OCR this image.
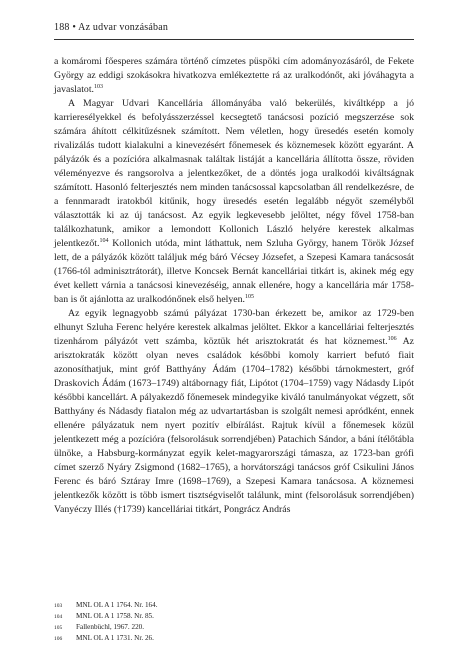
188 • Az udvar vonzásában

a komáromi főesperes számára történő címzetes püspöki cím adományozásáról, de Fekete György az eddigi szokásokra hivatkozva emlékeztette rá az uralkodónőt, aki jóváhagyta a javaslatot.$^{103}$

A Magyar Udvari Kancellária állományába való bekerülés, kiváltképp a jó karrieresélyekkel és befolyásszerzéssel kecsegtető tanácsosi pozíció megszerzése sok számára áhított célkitűzésnek számított. Nem véletlen, hogy üresedés esetén komoly rivalizálás tudott kialakulni a kinevezésért főnemesek és köznemesek között egyaránt. A pályázók és a pozícióra alkalmasnak találtak listáját a kancellária állította össze, röviden véleményezve és rangsorolva a jelentkezőket, de a döntés joga uralkodói kiváltságnak számított. Hasonló felterjesztés nem minden tanácsossal kapcsolatban áll rendelkezésre, de a fennmaradt iratokból kitűnik, hogy üresedés esetén legalább négyöt személyből választották ki az új tanácsost. Az egyik legkevesebb jelöltet, négy fővel 1758-ban találkozhatunk, amikor a lemondott Kollonich László helyére kerestek alkalmas jelentkezőt.$^{104}$ Kollonich utóda, mint láthattuk, nem Szluha György, hanem Török József lett, de a pályázók között találjuk még báró Vécsey Józsefet, a Szepesi Kamara tanácsosát (1766-tól adminisztrátorát), illetve Koncsek Bernát kancelláriai titkárt is, akinek még egy évet kellett várnia a tanácsosi kinevezéséig, annak ellenére, hogy a kancellária már 1758-ban is őt ajánlotta az uralkodónőnek első helyen.$^{105}$

Az egyik legnagyobb számú pályázat 1730-ban érkezett be, amikor az 1729-ben elhunyt Szluha Ferenc helyére kerestek alkalmas jelöltet. Ekkor a kancelláriai felterjesztés tizenhárom pályázót vett számba, köztük hét arisztokratát és hat köznemest.$^{106}$ Az arisztokraták között olyan neves családok későbbi komoly karriert befutó fiait azonosíthatjuk, mint gróf Batthyány Ádám (1704–1782) későbbi tárnokmestert, gróf Draskovich Ádám (1673–1749) altábornagy fiát, Lipótot (1704–1759) vagy Nádasdy Lipót későbbi kancellárt. A pályakezdő főnemesek mindegyike kiváló tanulmányokat végzett, sőt Batthyány és Nádasdy fiatalon még az udvartartásban is szolgált nemesi apródként, ennek ellenére pályázatuk nem nyert pozitív elbírálást. Rajtuk kívül a főnemesek közül jelentkezett még a pozícióra (felsorolásuk sorrendjében) Patachich Sándor, a báni ítélőtábla ülnöke, a Habsburg-kormányzat egyik kelet-magyarországi támasza, az 1723-ban grófi címet szerző Nyáry Zsigmond (1682–1765), a horvátországi tanácsos gróf Csikulini János Ferenc és báró Sztáray Imre (1698–1769), a Szepesi Kamara tanácsosa. A köznemesi jelentkezők között is több ismert tisztségviselőt találunk, mint (felsorolásuk sorrendjében) Vanyéczy Illés (†1739) kancelláriai titkárt, Pongrácz András

103	MNL OL A 1 1764. Nr. 164.
104	MNL OL A 1 1758. Nr. 85.
105	Fallenbüchl, 1967. 220.
106	MNL OL A 1 1731. Nr. 26.
